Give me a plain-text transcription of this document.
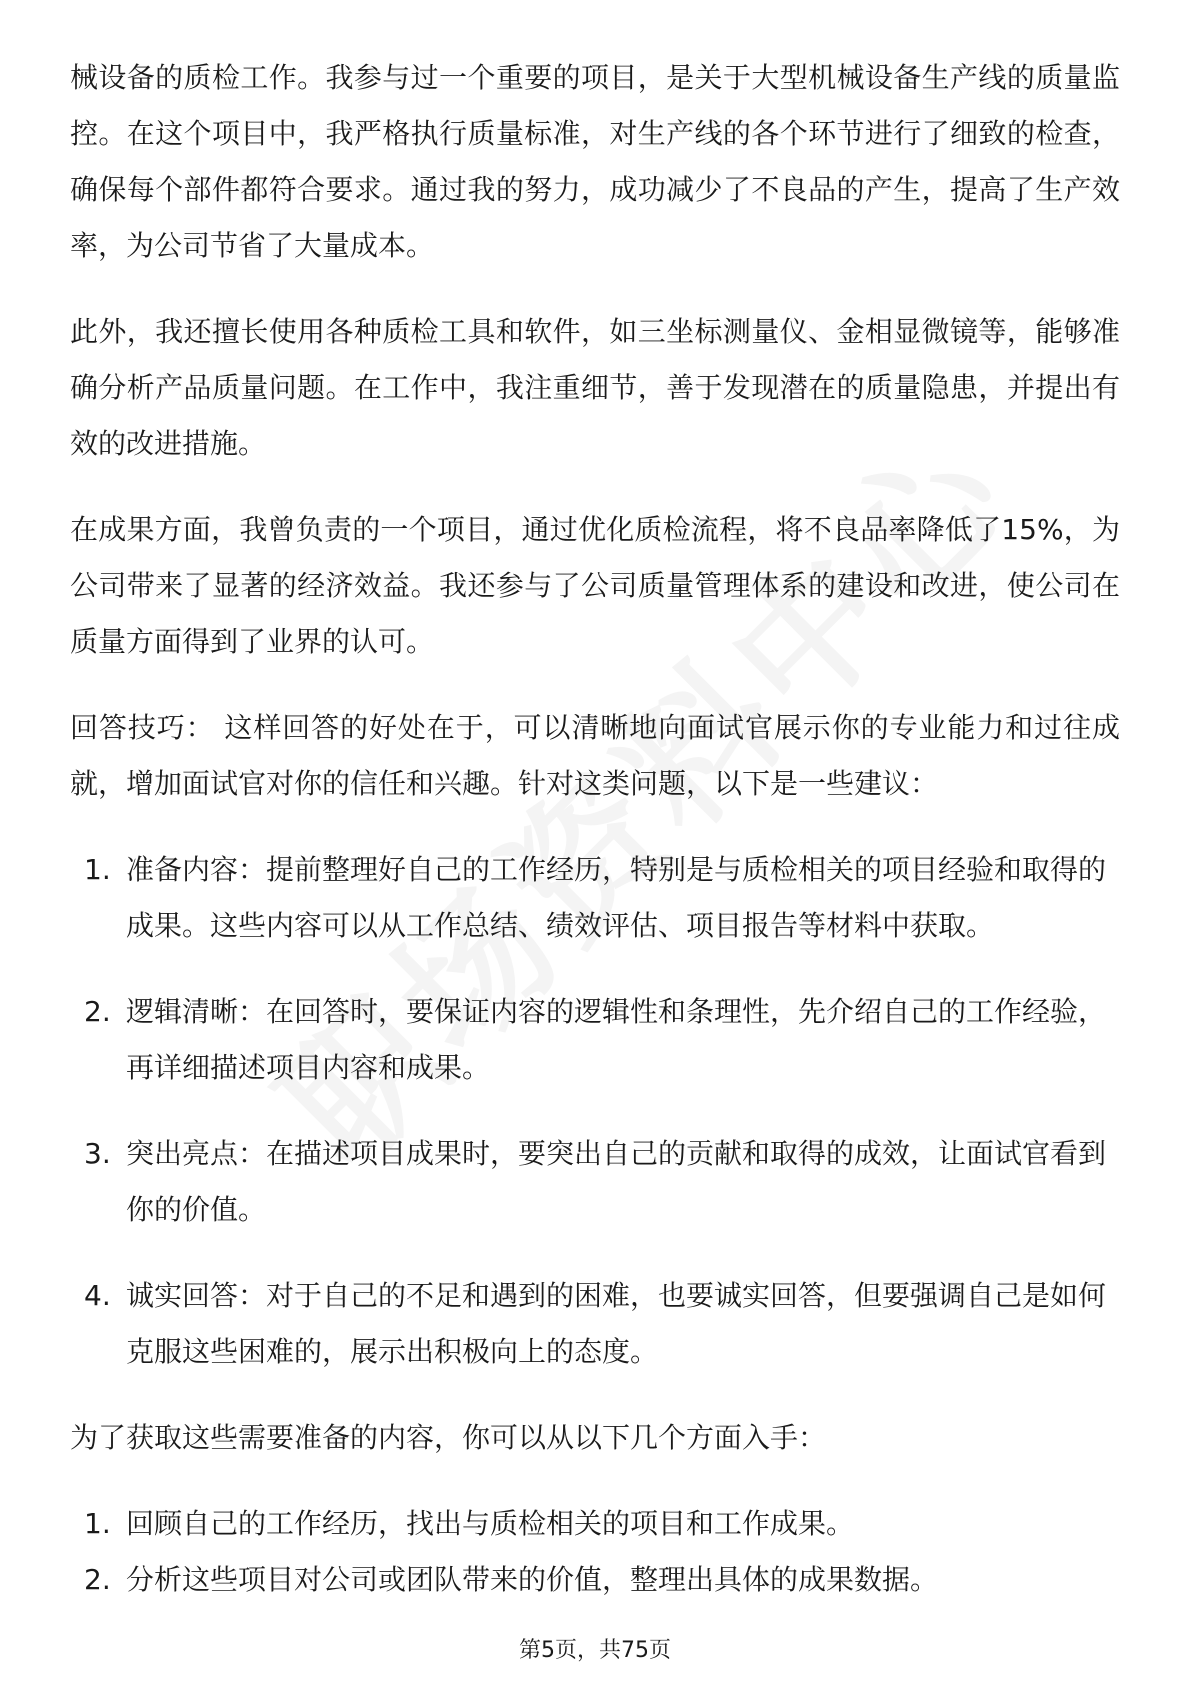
械设备的质检工作。我参与过一个重要的项目，是关于大型机械设备生产线的质量监控。在这个项目中，我严格执行质量标准，对生产线的各个环节进行了细致的检查，确保每个部件都符合要求。通过我的努力，成功减少了不良品的产生，提高了生产效率，为公司节省了大量成本。

此外，我还擅长使用各种质检工具和软件，如三坐标测量仪、金相显微镜等，能够准确分析产品质量问题。在工作中，我注重细节，善于发现潜在的质量隐患，并提出有效的改进措施。

在成果方面，我曾负责的一个项目，通过优化质检流程，将不良品率降低了15%，为公司带来了显著的经济效益。我还参与了公司质量管理体系的建设和改进，使公司在质量方面得到了业界的认可。

回答技巧： 这样回答的好处在于，可以清晰地向面试官展示你的专业能力和过往成就，增加面试官对你的信任和兴趣。针对这类问题，以下是一些建议：

1. 准备内容：提前整理好自己的工作经历，特别是与质检相关的项目经验和取得的成果。这些内容可以从工作总结、绩效评估、项目报告等材料中获取。
2. 逻辑清晰：在回答时，要保证内容的逻辑性和条理性，先介绍自己的工作经验，再详细描述项目内容和成果。
3. 突出亮点：在描述项目成果时，要突出自己的贡献和取得的成效，让面试官看到你的价值。
4. 诚实回答：对于自己的不足和遇到的困难，也要诚实回答，但要强调自己是如何克服这些困难的，展示出积极向上的态度。

为了获取这些需要准备的内容，你可以从以下几个方面入手：

1. 回顾自己的工作经历，找出与质检相关的项目和工作成果。
2. 分析这些项目对公司或团队带来的价值，整理出具体的成果数据。
第5页，共75页
